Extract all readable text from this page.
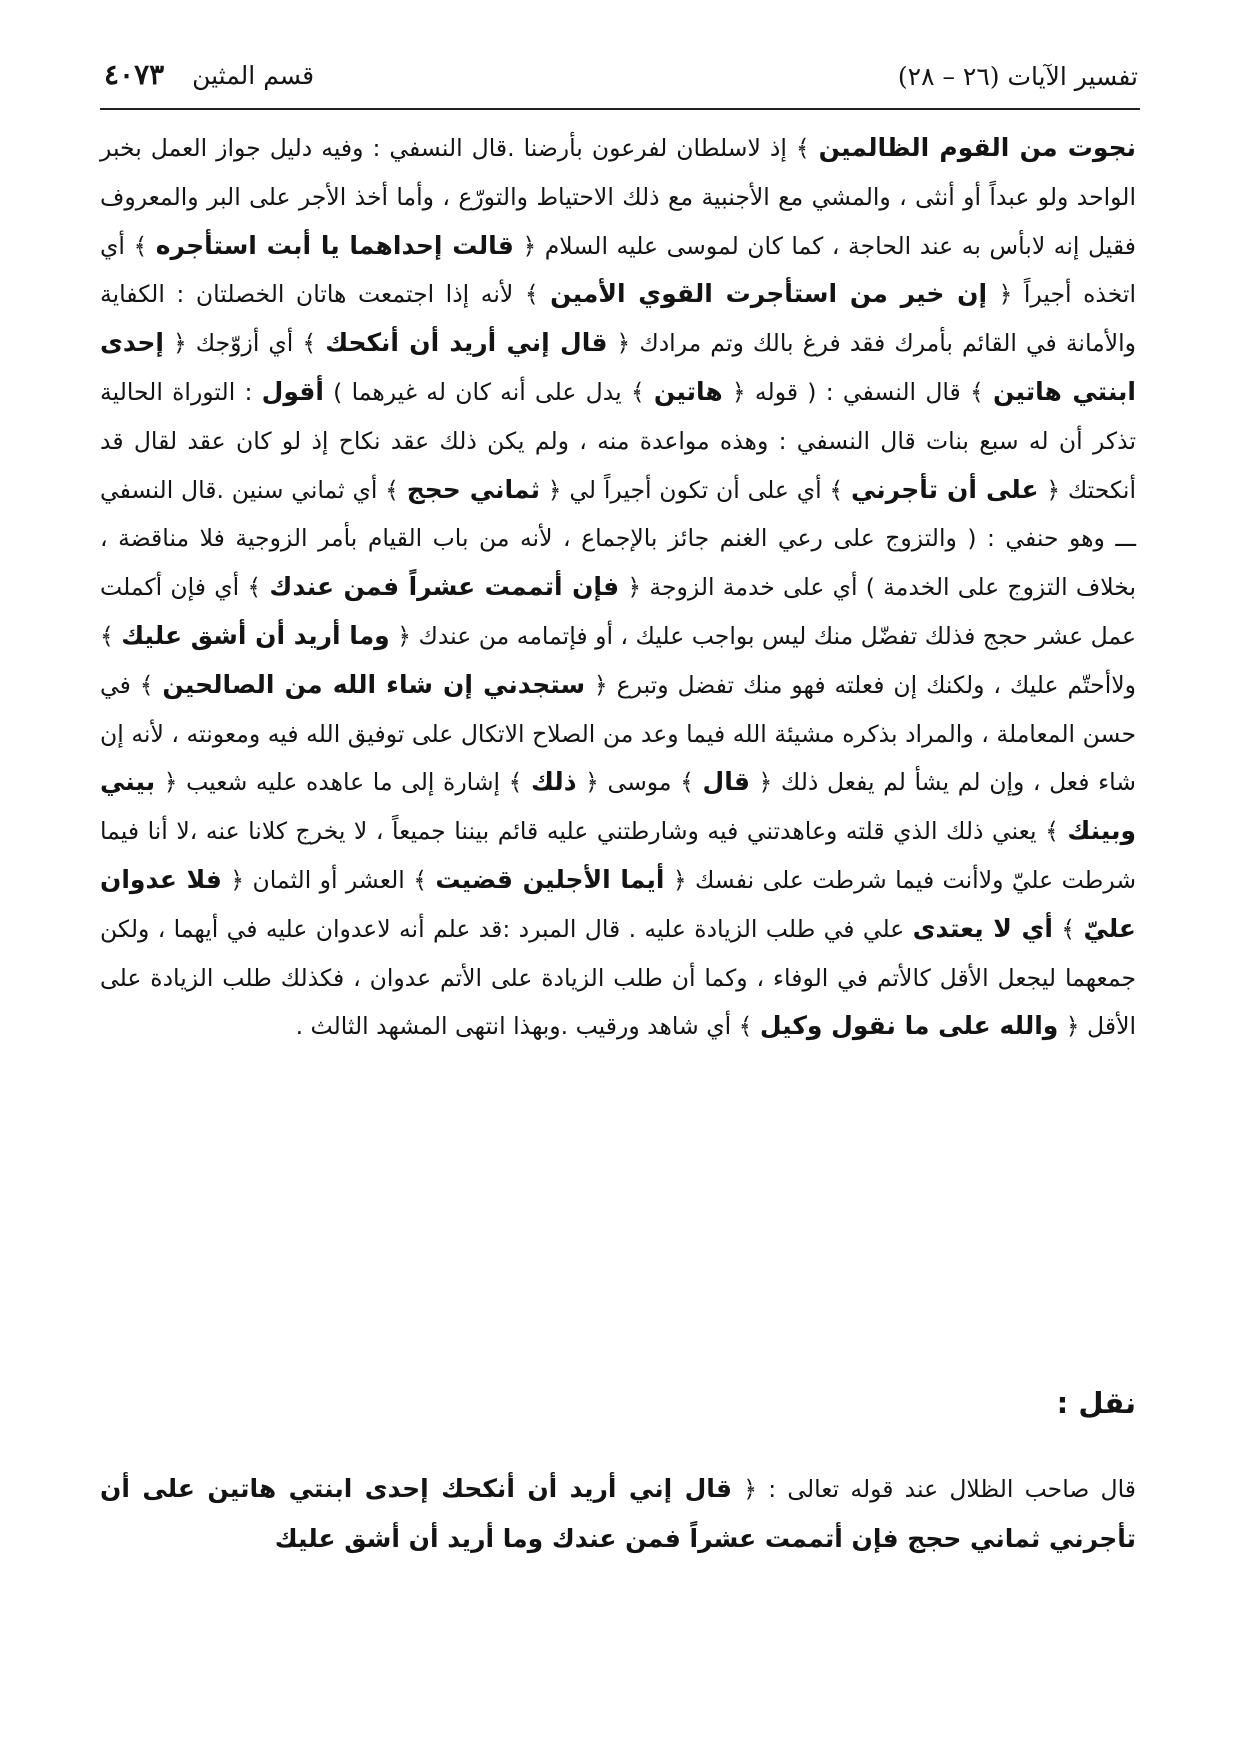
تفسير الآيات (٢٦ – ٢٨)
قسم المثين ٤٠٧٣

نجوت من القوم الظالمين ﴾ إذ لاسلطان لفرعون بأرضنا .قال النسفي : وفيه دليل جواز العمل بخبر الواحد ولو عبداً أو أنثى ، والمشي مع الأجنبية مع ذلك الاحتياط والتورّع ، وأما أخذ الأجر على البر والمعروف فقيل إنه لابأس به عند الحاجة ، كما كان لموسى عليه السلام ﴿ قالت إحداهما يا أبت استأجره ﴾ أي اتخذه أجيراً ﴿ إن خير من استأجرت القوي الأمين ﴾ لأنه إذا اجتمعت هاتان الخصلتان : الكفاية والأمانة في القائم بأمرك فقد فرغ بالك وتم مرادك ﴿ قال إني أريد أن أنكحك ﴾ أي أزوّجك ﴿ إحدى ابنتي هاتين ﴾ قال النسفي : ( قوله ﴿ هاتين ﴾ يدل على أنه كان له غيرهما ) أقول : التوراة الحالية تذكر أن له سبع بنات قال النسفي : وهذه مواعدة منه ، ولم يكن ذلك عقد نكاح إذ لو كان عقد لقال قد أنكحتك ﴿ على أن تأجرني ﴾ أي على أن تكون أجيراً لي ﴿ ثماني حجج ﴾ أي ثماني سنين .قال النسفي ـــ وهو حنفي : ( والتزوج على رعي الغنم جائز بالإجماع ، لأنه من باب القيام بأمر الزوجية فلا مناقضة ، بخلاف التزوج على الخدمة ) أي على خدمة الزوجة ﴿ فإن أتممت عشراً فمن عندك ﴾ أي فإن أكملت عمل عشر حجج فذلك تفضّل منك ليس بواجب عليك ، أو فإتمامه من عندك ﴿ وما أريد أن أشق عليك ﴾ ولاأحتّم عليك ، ولكنك إن فعلته فهو منك تفضل وتبرع ﴿ ستجدني إن شاء الله من الصالحين ﴾ في حسن المعاملة ، والمراد بذكره مشيئة الله فيما وعد من الصلاح الاتكال على توفيق الله فيه ومعونته ، لأنه إن شاء فعل ، وإن لم يشأ لم يفعل ذلك ﴿ قال ﴾ موسى ﴿ ذلك ﴾ إشارة إلى ما عاهده عليه شعيب ﴿ بيني وبينك ﴾ يعني ذلك الذي قلته وعاهدتني فيه وشارطتني عليه قائم بيننا جميعاً ، لا يخرج كلانا عنه ،لا أنا فيما شرطت عليّ ولاأنت فيما شرطت على نفسك ﴿ أيما الأجلين قضيت ﴾ العشر أو الثمان ﴿ فلا عدوان عليّ ﴾ أي لا يعتدى علي في طلب الزيادة عليه . قال المبرد :قد علم أنه لاعدوان عليه في أيهما ، ولكن جمعهما ليجعل الأقل كالأتم في الوفاء ، وكما أن طلب الزيادة على الأتم عدوان ، فكذلك طلب الزيادة على الأقل ﴿ والله على ما نقول وكيل ﴾ أي شاهد ورقيب .وبهذا انتهى المشهد الثالث .

نقل :

قال صاحب الظلال عند قوله تعالى : ﴿ قال إني أريد أن أنكحك إحدى ابنتي هاتين على أن تأجرني ثماني حجج فإن أتممت عشراً فمن عندك وما أريد أن أشق عليك
